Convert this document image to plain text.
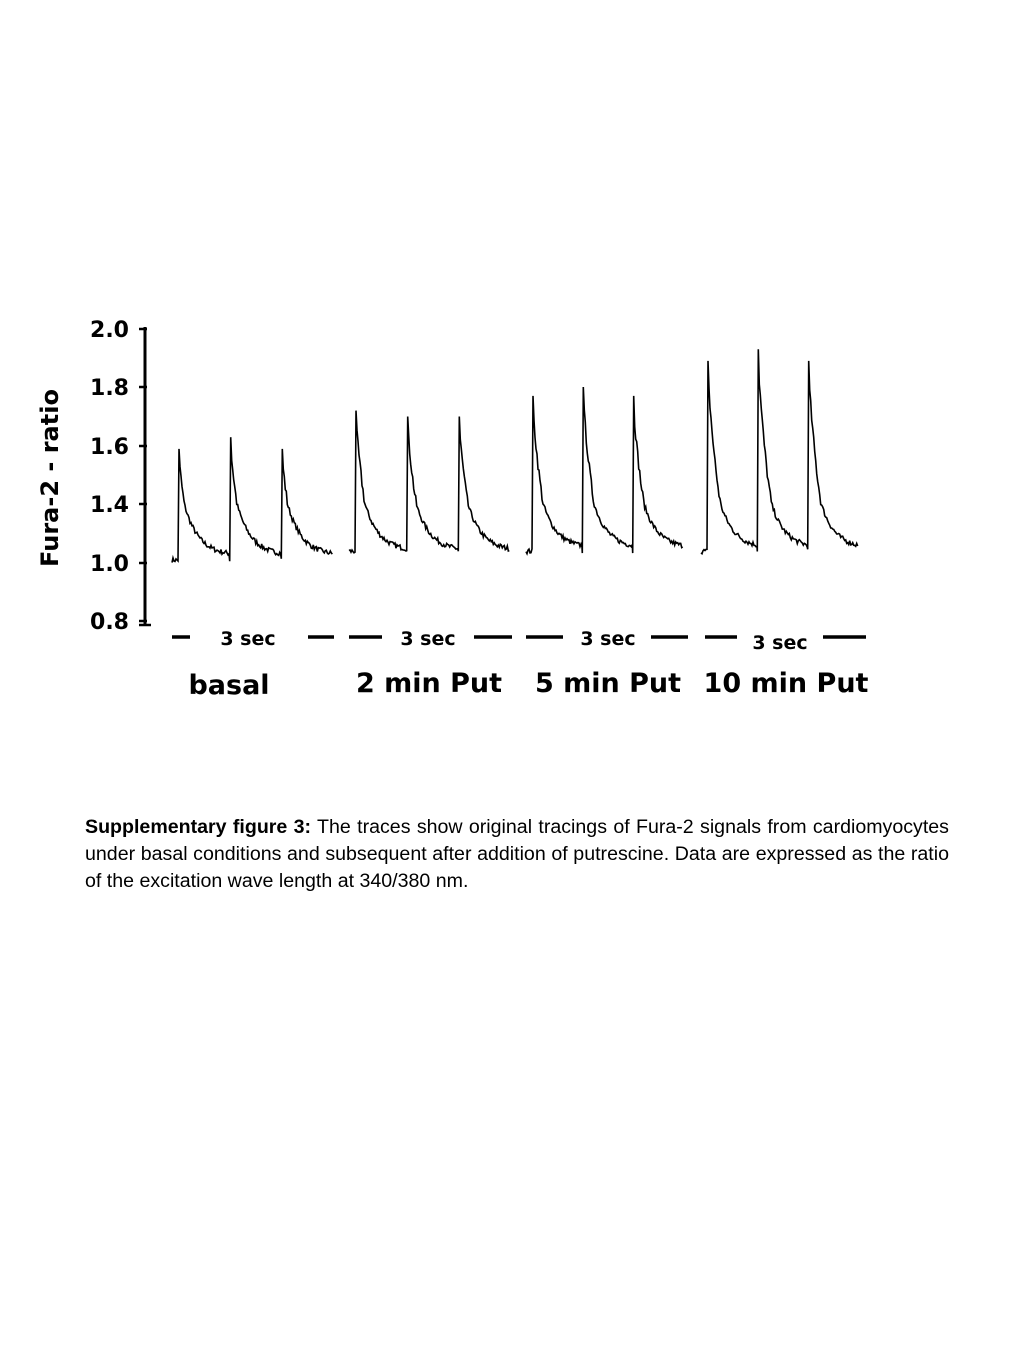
2.0
1.8
1.6
1.4
1.0
0.8
Fura-2 - ratio
3 sec	3 sec	3 sec	3 sec
basal	2 min Put 5 min Put 10 min Put
Supplementary figure 3: The traces show original tracings of Fura-2 signals from cardiomyocytes under basal conditions and subsequent after addition of putrescine. Data are expressed as the ratio of the excitation wave length at 340/380 nm.
